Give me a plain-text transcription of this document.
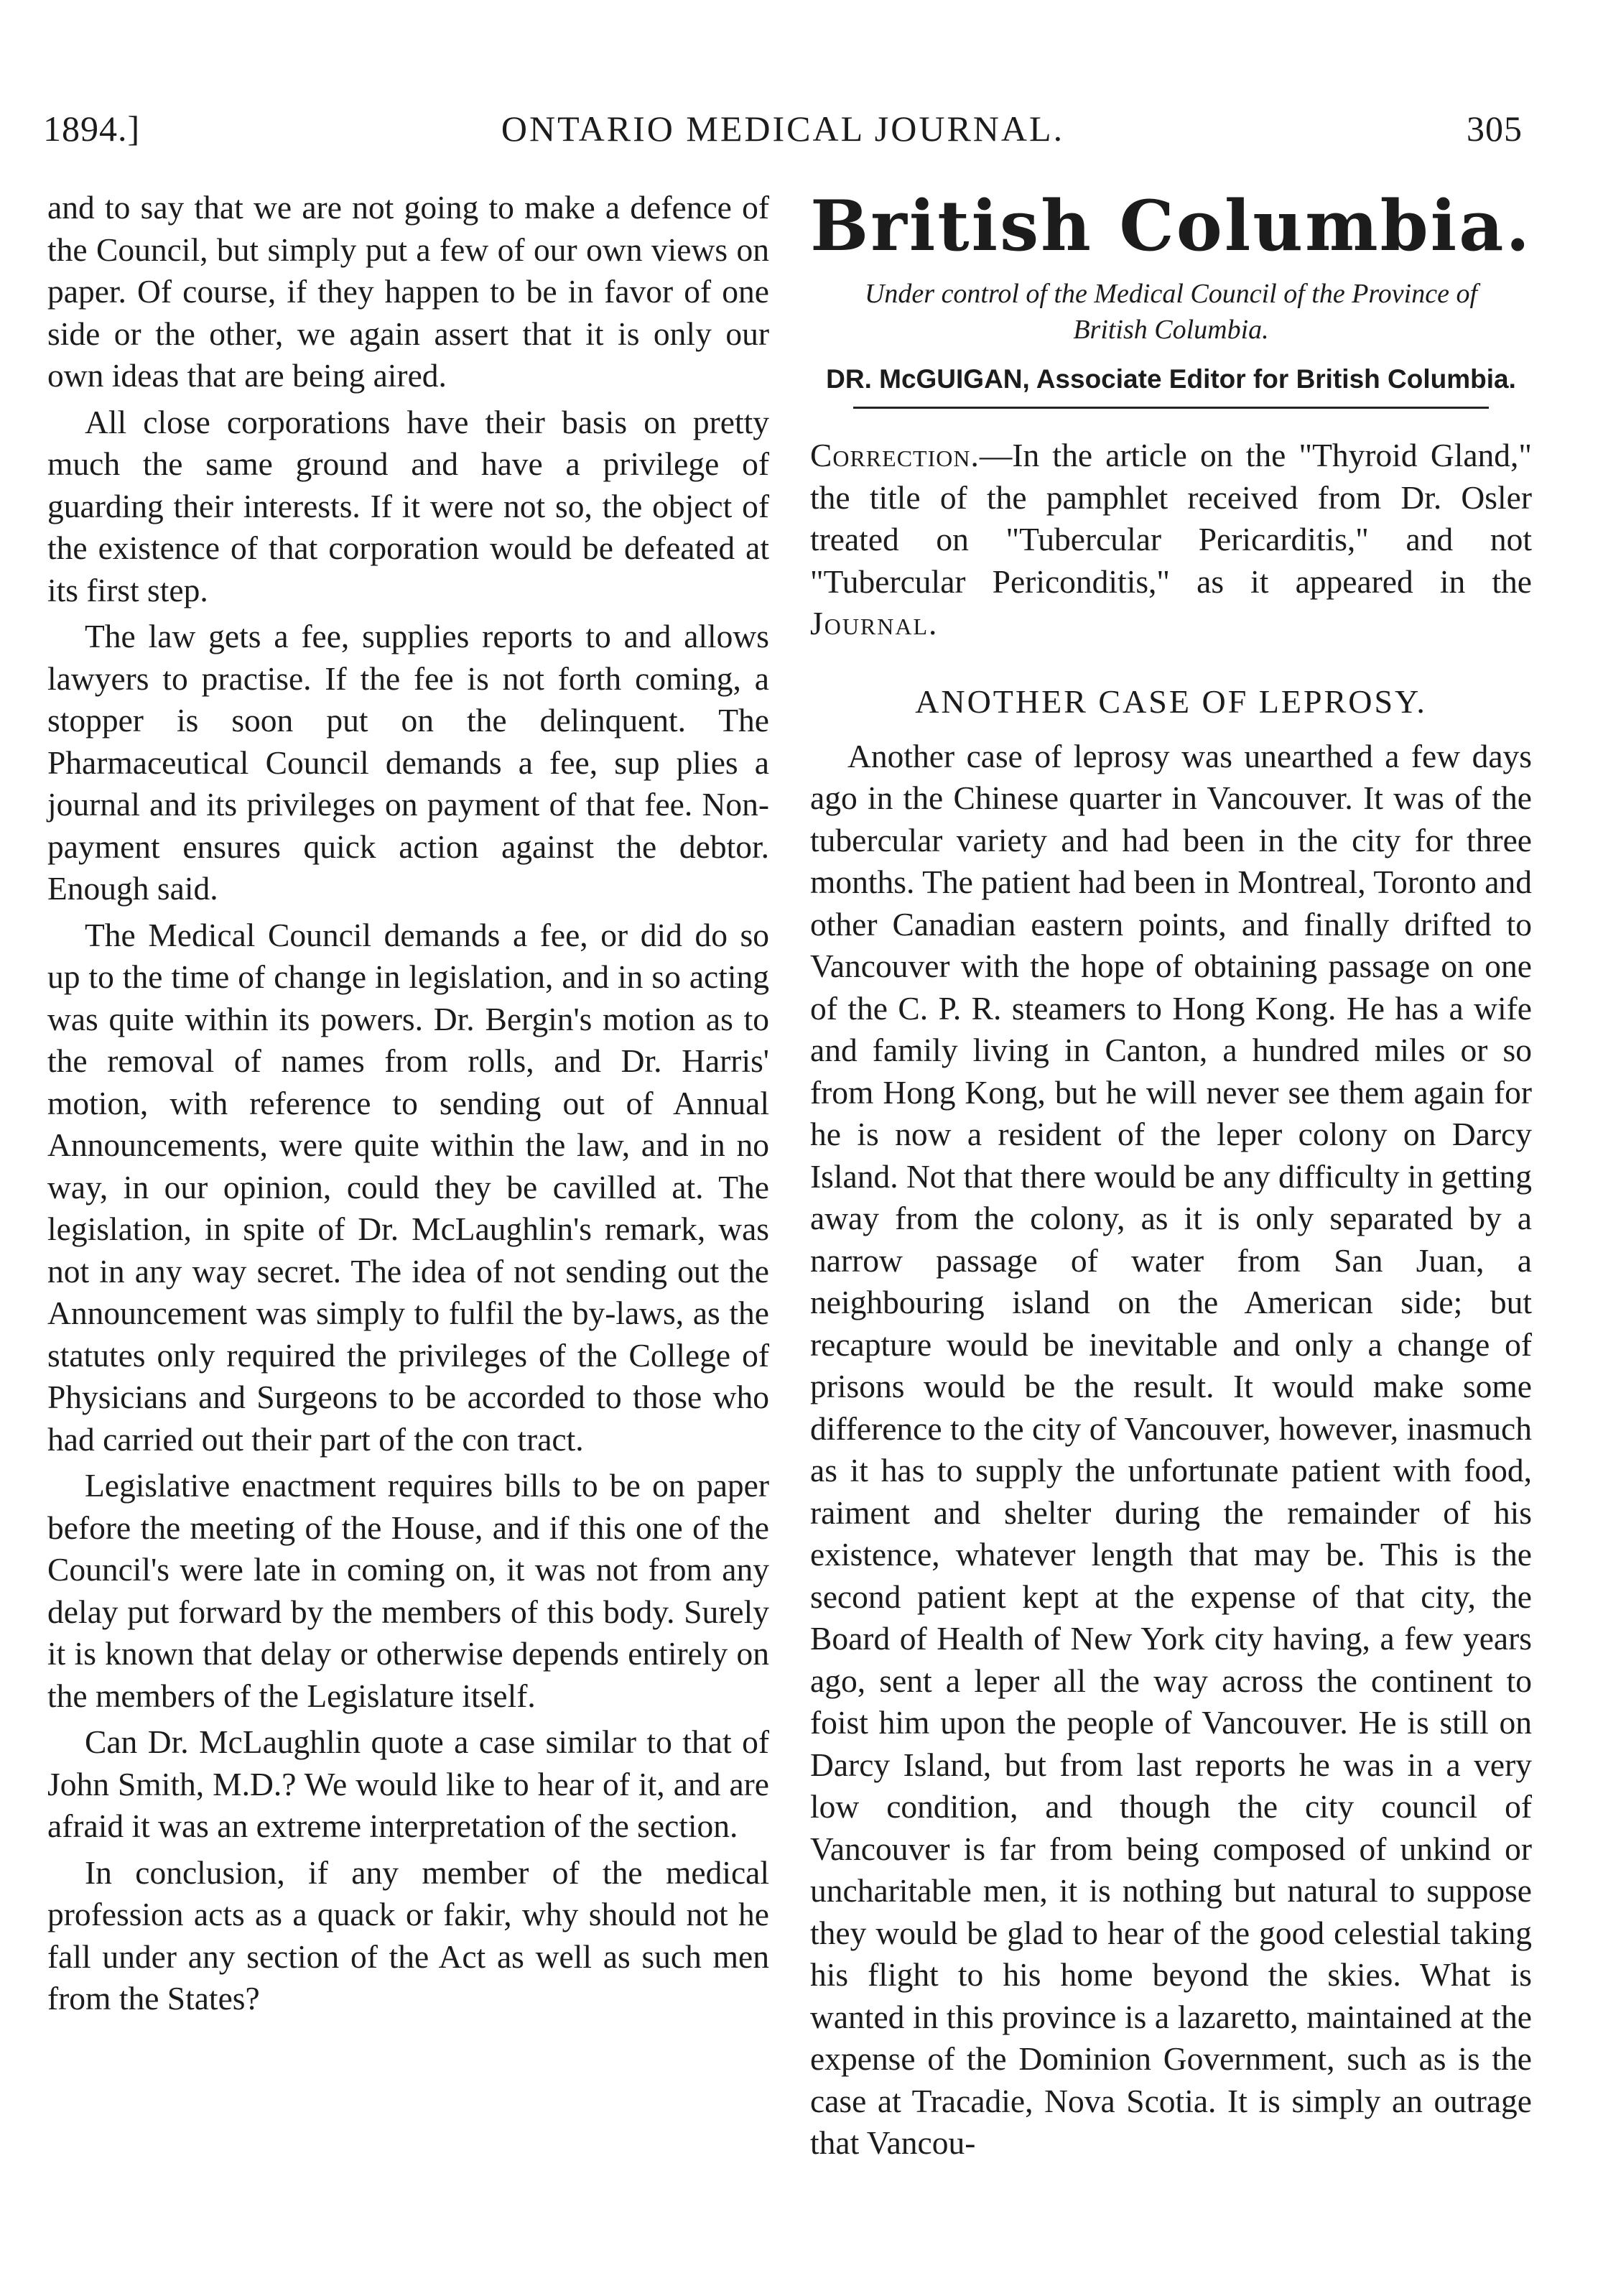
1894.]	ONTARIO MEDICAL JOURNAL.	305

and to say that we are not going to make a defence of the Council, but simply put a few of our own views on paper. Of course, if they happen to be in favor of one side or the other, we again assert that it is only our own ideas that are being aired.

All close corporations have their basis on pretty much the same ground and have a privilege of guarding their interests. If it were not so, the object of the existence of that corporation would be defeated at its first step.

The law gets a fee, supplies reports to and allows lawyers to practise. If the fee is not forth coming, a stopper is soon put on the delinquent. The Pharmaceutical Council demands a fee, sup plies a journal and its privileges on payment of that fee. Non-payment ensures quick action against the debtor. Enough said.

The Medical Council demands a fee, or did do so up to the time of change in legislation, and in so acting was quite within its powers. Dr. Bergin's motion as to the removal of names from rolls, and Dr. Harris' motion, with reference to sending out of Annual Announcements, were quite within the law, and in no way, in our opinion, could they be cavilled at. The legislation, in spite of Dr. McLaughlin's remark, was not in any way secret. The idea of not sending out the Announcement was simply to fulfil the by-laws, as the statutes only required the privileges of the College of Physicians and Surgeons to be accorded to those who had carried out their part of the con tract.

Legislative enactment requires bills to be on paper before the meeting of the House, and if this one of the Council's were late in coming on, it was not from any delay put forward by the members of this body. Surely it is known that delay or otherwise depends entirely on the members of the Legislature itself.

Can Dr. McLaughlin quote a case similar to that of John Smith, M.D.? We would like to hear of it, and are afraid it was an extreme interpretation of the section.

In conclusion, if any member of the medical profession acts as a quack or fakir, why should not he fall under any section of the Act as well as such men from the States?

British Columbia.
Under control of the Medical Council of the Province of British Columbia.
DR. McGUIGAN, Associate Editor for British Columbia.

Correction.—In the article on the "Thyroid Gland," the title of the pamphlet received from Dr. Osler treated on "Tubercular Pericarditis," and not "Tubercular Periconditis," as it appeared in the Journal.

ANOTHER CASE OF LEPROSY.

Another case of leprosy was unearthed a few days ago in the Chinese quarter in Vancouver. It was of the tubercular variety and had been in the city for three months. The patient had been in Montreal, Toronto and other Canadian eastern points, and finally drifted to Vancouver with the hope of obtaining passage on one of the C. P. R. steamers to Hong Kong. He has a wife and family living in Canton, a hundred miles or so from Hong Kong, but he will never see them again for he is now a resident of the leper colony on Darcy Island. Not that there would be any difficulty in getting away from the colony, as it is only separated by a narrow passage of water from San Juan, a neighbouring island on the American side; but recapture would be inevitable and only a change of prisons would be the result. It would make some difference to the city of Vancouver, however, inasmuch as it has to supply the unfortunate patient with food, raiment and shelter during the remainder of his existence, whatever length that may be. This is the second patient kept at the expense of that city, the Board of Health of New York city having, a few years ago, sent a leper all the way across the continent to foist him upon the people of Vancouver. He is still on Darcy Island, but from last reports he was in a very low condition, and though the city council of Vancouver is far from being composed of unkind or uncharitable men, it is nothing but natural to suppose they would be glad to hear of the good celestial taking his flight to his home beyond the skies. What is wanted in this province is a lazaretto, maintained at the expense of the Dominion Government, such as is the case at Tracadie, Nova Scotia. It is simply an outrage that Vancou-
